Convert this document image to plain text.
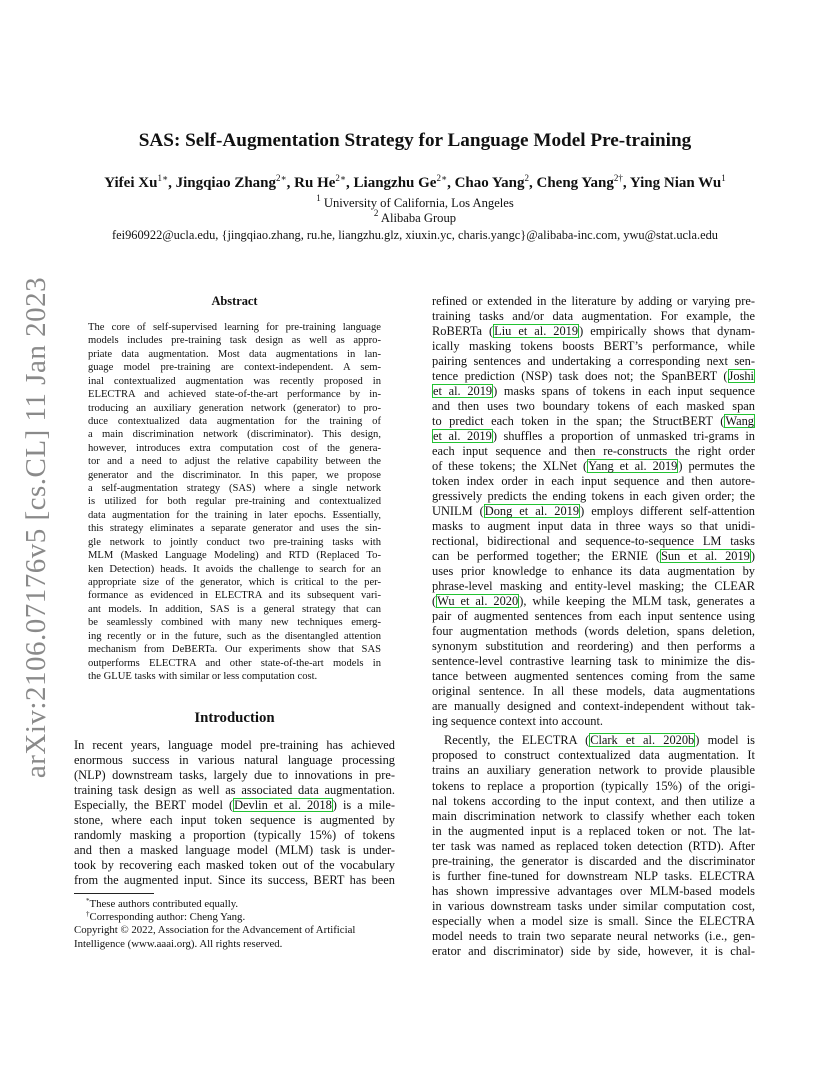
arXiv:2106.07176v5 [cs.CL] 11 Jan 2023
SAS: Self-Augmentation Strategy for Language Model Pre-training
Yifei $Xu^{1∗}$, Jingqiao Zhang$^{2∗}$, Ru $He^{2∗}$, Liangzhu $Ge^{2∗}$, Chao Yang$^2$, Cheng Yang$^{2\dagger}$, Ying Nian Wu$^1$
$^1$ University of California, Los Angeles
$^2$ Alibaba Group
fei960922@ucla.edu, {jingqiao.zhang, ru.he, liangzhu.glz, xiuxin.yc, charis.yangc}@alibaba-inc.com, ywu@stat.ucla.edu
Abstract
The core of self-supervised learning for pre-training language
models includes pre-training task design as well as appro-
priate data augmentation. Most data augmentations in lan-
guage model pre-training are context-independent. A sem-
inal contextualized augmentation was recently proposed in
ELECTRA and achieved state-of-the-art performance by in-
troducing an auxiliary generation network (generator) to pro-
duce contextualized data augmentation for the training of
a main discrimination network (discriminator). This design,
however, introduces extra computation cost of the genera-
tor and a need to adjust the relative capability between the
generator and the discriminator. In this paper, we propose
a self-augmentation strategy (SAS) where a single network
is utilized for both regular pre-training and contextualized
data augmentation for the training in later epochs. Essentially,
this strategy eliminates a separate generator and uses the sin-
gle network to jointly conduct two pre-training tasks with
MLM (Masked Language Modeling) and RTD (Replaced To-
ken Detection) heads. It avoids the challenge to search for an
appropriate size of the generator, which is critical to the per-
formance as evidenced in ELECTRA and its subsequent vari-
ant models. In addition, SAS is a general strategy that can
be seamlessly combined with many new techniques emerg-
ing recently or in the future, such as the disentangled attention
mechanism from DeBERTa. Our experiments show that SAS
outperforms ELECTRA and other state-of-the-art models in
the GLUE tasks with similar or less computation cost.
Introduction
In recent years, language model pre-training has achieved
enormous success in various natural language processing
(NLP) downstream tasks, largely due to innovations in pre-
training task design as well as associated data augmentation.
Especially, the BERT model (Devlin et al. 2018) is a mile-
stone, where each input token sequence is augmented by
randomly masking a proportion (typically 15%) of tokens
and then a masked language model (MLM) task is under-
took by recovering each masked token out of the vocabulary
from the augmented input. Since its success, BERT has been
*These authors contributed equally.
†Corresponding author: Cheng Yang.
Copyright © 2022, Association for the Advancement of Artificial
Intelligence (www.aaai.org). All rights reserved.
refined or extended in the literature by adding or varying pre-
training tasks and/or data augmentation. For example, the
RoBERTa (Liu et al. 2019) empirically shows that dynam-
ically masking tokens boosts BERT’s performance, while
pairing sentences and undertaking a corresponding next sen-
tence prediction (NSP) task does not; the SpanBERT (Joshi
et al. 2019) masks spans of tokens in each input sequence
and then uses two boundary tokens of each masked span
to predict each token in the span; the StructBERT (Wang
et al. 2019) shuffles a proportion of unmasked tri-grams in
each input sequence and then re-constructs the right order
of these tokens; the XLNet (Yang et al. 2019) permutes the
token index order in each input sequence and then autore-
gressively predicts the ending tokens in each given order; the
UNILM (Dong et al. 2019) employs different self-attention
masks to augment input data in three ways so that unidi-
rectional, bidirectional and sequence-to-sequence LM tasks
can be performed together; the ERNIE (Sun et al. 2019)
uses prior knowledge to enhance its data augmentation by
phrase-level masking and entity-level masking; the CLEAR
(Wu et al. 2020), while keeping the MLM task, generates a
pair of augmented sentences from each input sentence using
four augmentation methods (words deletion, spans deletion,
synonym substitution and reordering) and then performs a
sentence-level contrastive learning task to minimize the dis-
tance between augmented sentences coming from the same
original sentence. In all these models, data augmentations
are manually designed and context-independent without tak-
ing sequence context into account.
Recently, the ELECTRA (Clark et al. 2020b) model is
proposed to construct contextualized data augmentation. It
trains an auxiliary generation network to provide plausible
tokens to replace a proportion (typically 15%) of the origi-
nal tokens according to the input context, and then utilize a
main discrimination network to classify whether each token
in the augmented input is a replaced token or not. The lat-
ter task was named as replaced token detection (RTD). After
pre-training, the generator is discarded and the discriminator
is further fine-tuned for downstream NLP tasks. ELECTRA
has shown impressive advantages over MLM-based models
in various downstream tasks under similar computation cost,
especially when a model size is small. Since the ELECTRA
model needs to train two separate neural networks (i.e., gen-
erator and discriminator) side by side, however, it is chal-
